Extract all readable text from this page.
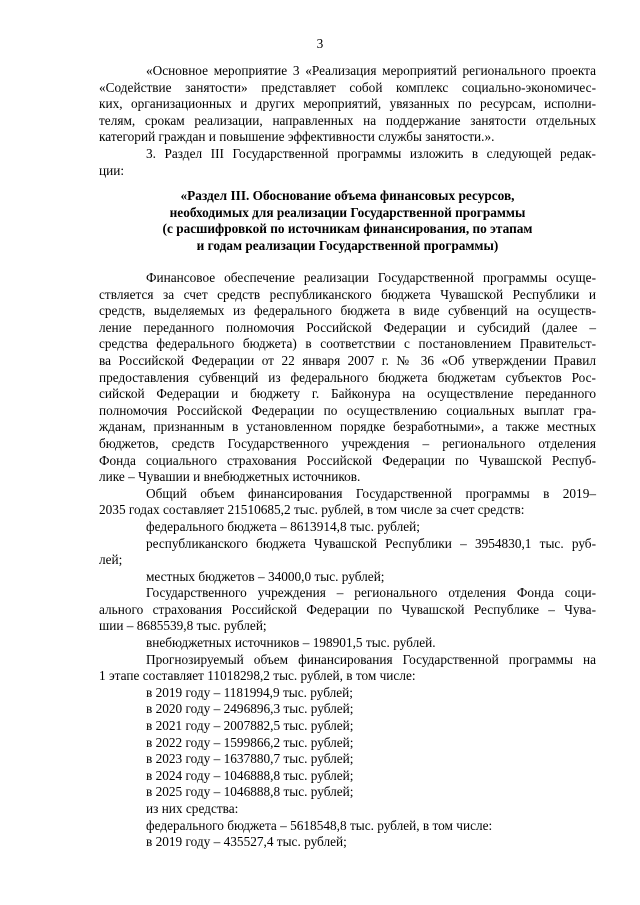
3

«Основное мероприятие 3 «Реализация мероприятий регионального проекта

«Содействие занятости» представляет собой комплекс социально-экономичес-

ких, организационных и других мероприятий, увязанных по ресурсам, исполни-

телям, срокам реализации, направленных на поддержание занятости отдельных

категорий граждан и повышение эффективности службы занятости.».

3. Раздел III Государственной программы изложить в следующей редак-

ции:

«Раздел III. Обоснование объема финансовых ресурсов,
необходимых для реализации Государственной программы
(с расшифровкой по источникам финансирования, по этапам
и годам реализации Государственной программы)

Финансовое обеспечение реализации Государственной программы осуще-

ствляется за счет средств республиканского бюджета Чувашской Республики и

средств, выделяемых из федерального бюджета в виде субвенций на осуществ-

ление переданного полномочия Российской Федерации и субсидий (далее –

средства федерального бюджета) в соответствии с постановлением Правительст-

ва Российской Федерации от 22 января 2007 г. № 36 «Об утверждении Правил

предоставления субвенций из федерального бюджета бюджетам субъектов Рос-

сийской Федерации и бюджету г. Байконура на осуществление переданного

полномочия Российской Федерации по осуществлению социальных выплат гра-

жданам, признанным в установленном порядке безработными», а также местных

бюджетов, средств Государственного учреждения – регионального отделения

Фонда социального страхования Российской Федерации по Чувашской Респуб-

лике – Чувашии и внебюджетных источников.

Общий объем финансирования Государственной программы в 2019–

2035 годах составляет 21510685,2 тыс. рублей, в том числе за счет средств:

федерального бюджета – 8613914,8 тыс. рублей;

республиканского бюджета Чувашской Республики – 3954830,1 тыс. руб-

лей;

местных бюджетов – 34000,0 тыс. рублей;

Государственного учреждения – регионального отделения Фонда соци-

ального страхования Российской Федерации по Чувашской Республике – Чува-

шии – 8685539,8 тыс. рублей;

внебюджетных источников – 198901,5 тыс. рублей.

Прогнозируемый объем финансирования Государственной программы на

1 этапе составляет 11018298,2 тыс. рублей, в том числе:

в 2019 году – 1181994,9 тыс. рублей;

в 2020 году – 2496896,3 тыс. рублей;

в 2021 году – 2007882,5 тыс. рублей;

в 2022 году – 1599866,2 тыс. рублей;

в 2023 году – 1637880,7 тыс. рублей;

в 2024 году – 1046888,8 тыс. рублей;

в 2025 году – 1046888,8 тыс. рублей;

из них средства:

федерального бюджета – 5618548,8 тыс. рублей, в том числе:

в 2019 году – 435527,4 тыс. рублей;
